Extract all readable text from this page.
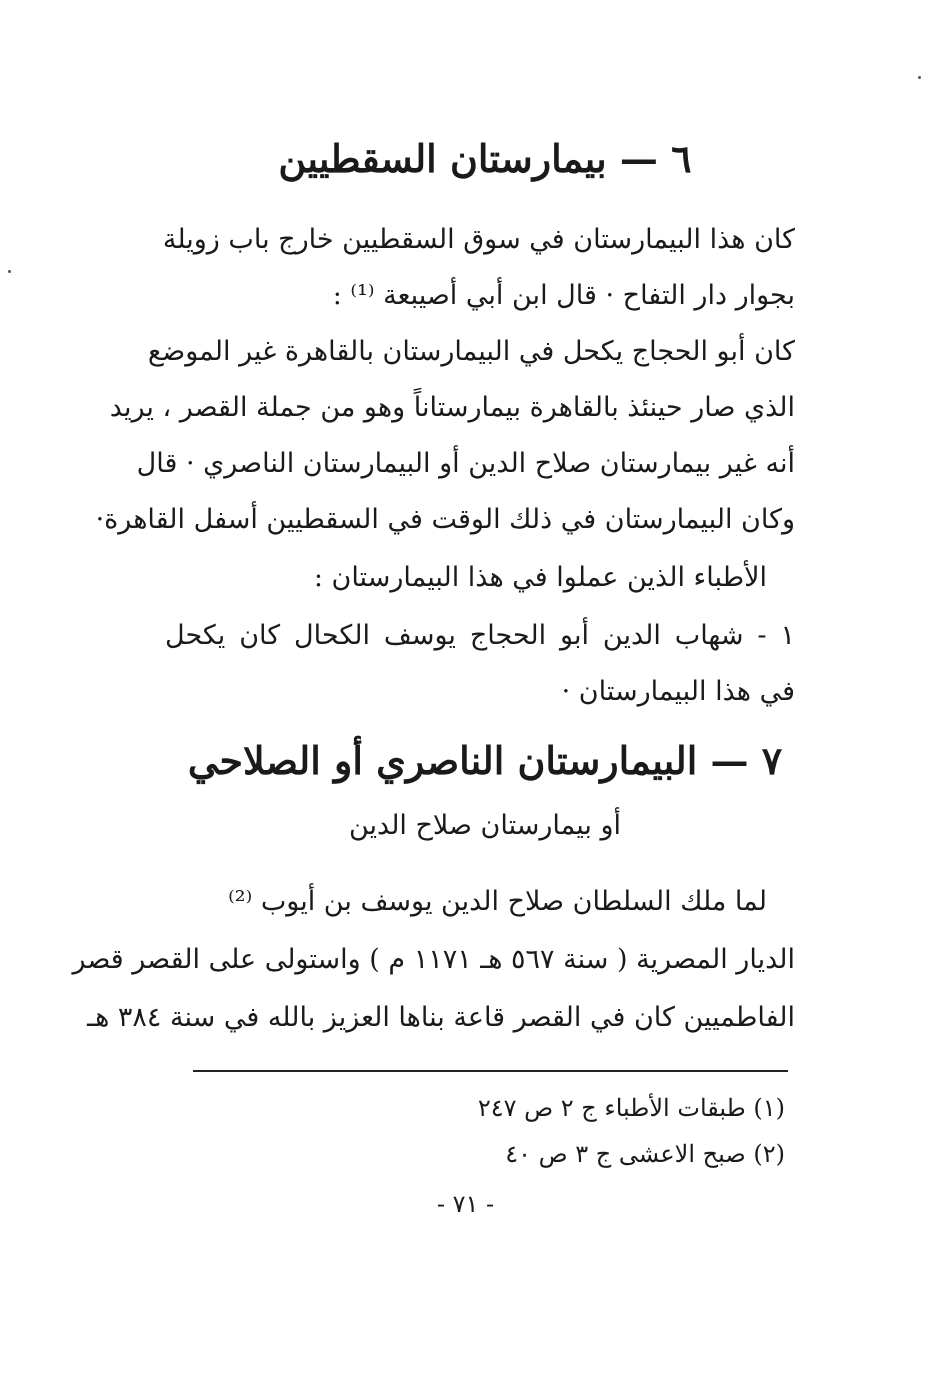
٦ — بيمارستان السقطيين
كان هذا البيمارستان في سوق السقطيين خارج باب زويلة
بجوار دار التفاح · قال ابن أبي أصيبعة ⁽¹⁾ :
كان أبو الحجاج يكحل في البيمارستان بالقاهرة غير الموضع
الذي صار حينئذ بالقاهرة بيمارستاناً وهو من جملة القصر ، يريد
أنه غير بيمارستان صلاح الدين أو البيمارستان الناصري · قال
وكان البيمارستان في ذلك الوقت في السقطيين أسفل القاهرة·
الأطباء الذين عملوا في هذا البيمارستان :
١ - شهاب الدين أبو الحجاج يوسف الكحال كان يكحل
في هذا البيمارستان ·
٧ — البيمارستان الناصري أو الصلاحي
أو بيمارستان صلاح الدين
لما ملك السلطان صلاح الدين يوسف بن أيوب ⁽²⁾
الديار المصرية ( سنة ٥٦٧ هـ ١١٧١ م ) واستولى على القصر قصر
الفاطميين كان في القصر قاعة بناها العزيز بالله في سنة ٣٨٤ هـ
(١) طبقات الأطباء ج ٢ ص ٢٤٧
(٢) صبح الاعشى ج ٣ ص ٤٠
- ٧١ -
